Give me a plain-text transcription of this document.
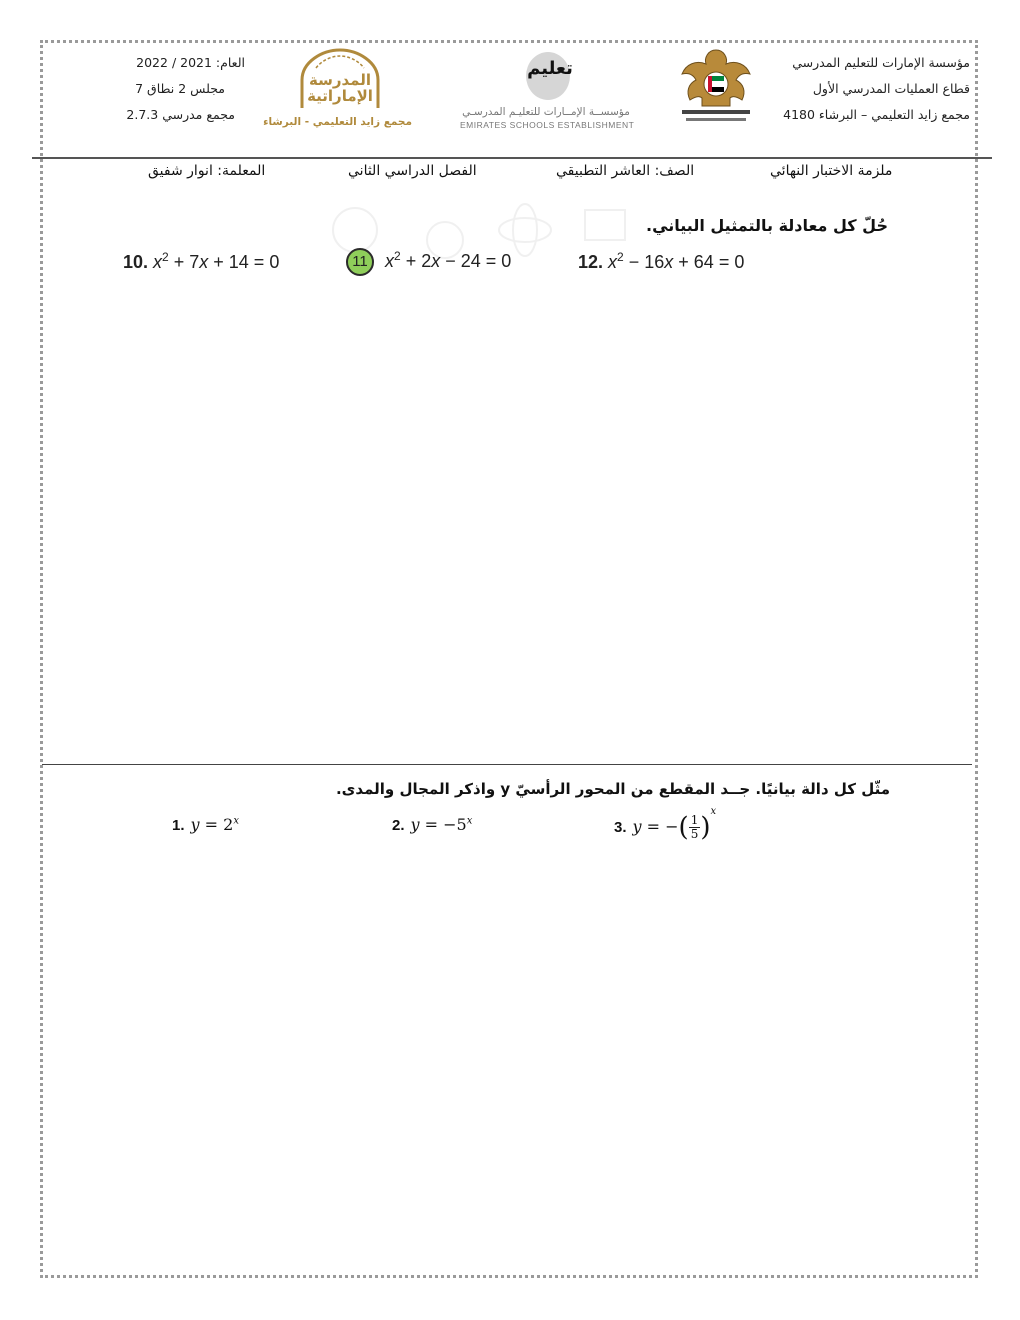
مؤسسة الإمارات للتعليم المدرسي
قطاع العمليات المدرسي الأول
مجمع زايد التعليمي – البرشاء 4180
تعليم
مؤسســة الإمــارات للتعليـم المدرسـي
EMIRATES SCHOOLS ESTABLISHMENT
المدرسة
الإماراتية
مجمع زايد التعليمي - البرشاء
العام: 2021 / 2022
مجلس 2 نطاق 7
مجمع مدرسي 2.7.3
ملزمة الاختبار النهائي
الصف: العاشر التطبيقي
الفصل الدراسي الثاني
المعلمة: انوار شفيق
حُلّ كل معادلة بالتمثيل البياني.
10. $x^2 + 7x + 14 = 0$	11 $x^2 + 2x - 24 = 0$	12. $x^2 - 16x + 64 = 0$
مثّل كل دالة بيانيًا. جــد المقطع من المحور الرأسيّ y واذكر المجال والمدى.
1. $y = 2^x$	2. $y = -5^x$	3. y = −( $\frac{1}{5} )^x$
